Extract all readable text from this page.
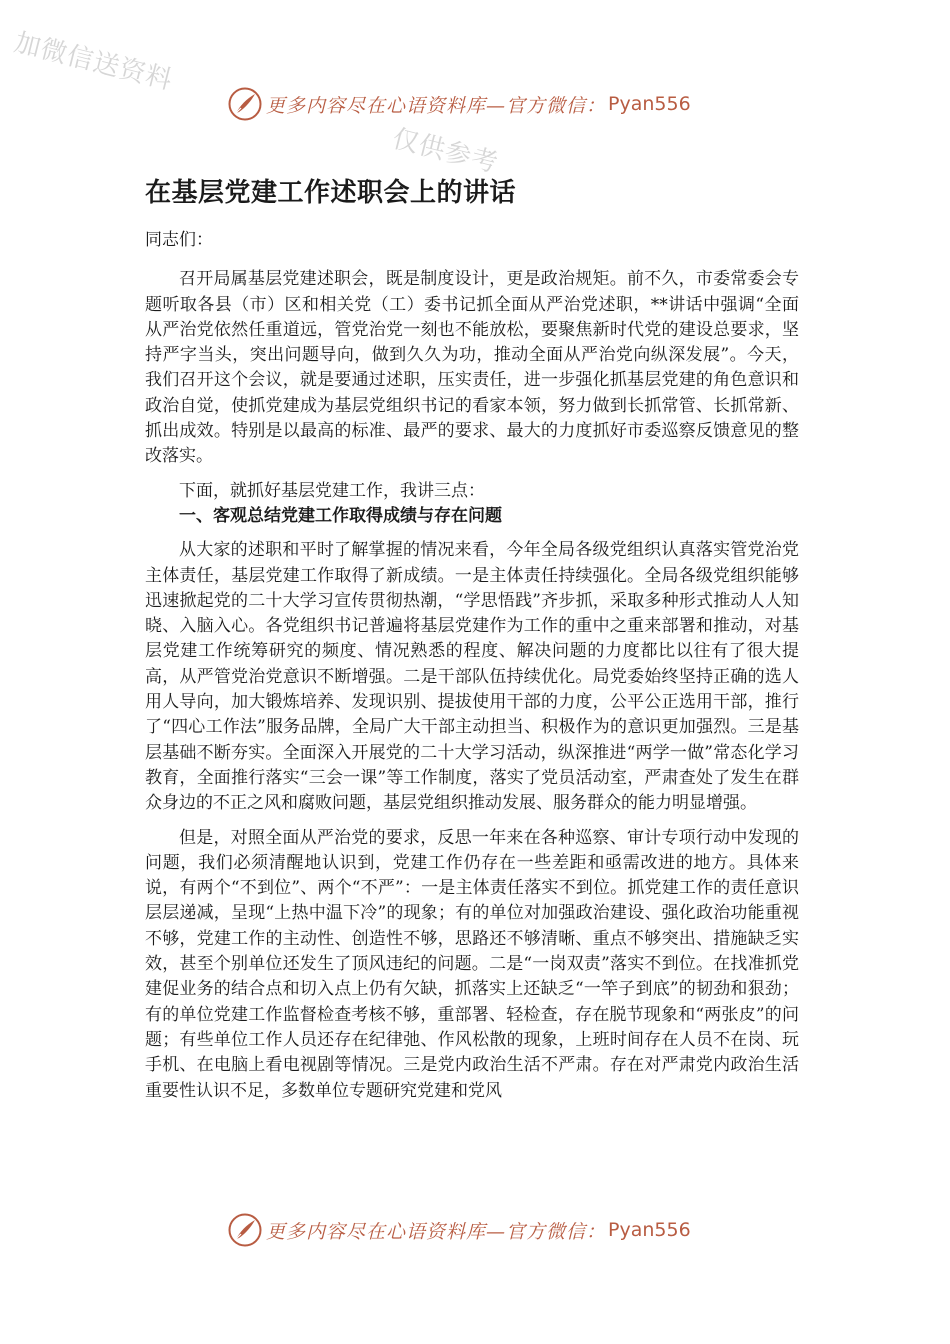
加微信送资料
仅供参考
更多内容尽在心语资料库—官方微信： Pyan556
在基层党建工作述职会上的讲话

同志们：

召开局属基层党建述职会，既是制度设计，更是政治规矩。前不久，市委常委会专题听取各县（市）区和相关党（工）委书记抓全面从严治党述职，**讲话中强调“全面从严治党依然任重道远，管党治党一刻也不能放松，要聚焦新时代党的建设总要求，坚持严字当头，突出问题导向，做到久久为功，推动全面从严治党向纵深发展”。今天，我们召开这个会议，就是要通过述职，压实责任，进一步强化抓基层党建的角色意识和政治自觉，使抓党建成为基层党组织书记的看家本领，努力做到长抓常管、长抓常新、抓出成效。特别是以最高的标准、最严的要求、最大的力度抓好市委巡察反馈意见的整改落实。

下面，就抓好基层党建工作，我讲三点：

一、客观总结党建工作取得成绩与存在问题

从大家的述职和平时了解掌握的情况来看，今年全局各级党组织认真落实管党治党主体责任，基层党建工作取得了新成绩。一是主体责任持续强化。全局各级党组织能够迅速掀起党的二十大学习宣传贯彻热潮，“学思悟践”齐步抓，采取多种形式推动人人知晓、入脑入心。各党组织书记普遍将基层党建作为工作的重中之重来部署和推动，对基层党建工作统筹研究的频度、情况熟悉的程度、解决问题的力度都比以往有了很大提高，从严管党治党意识不断增强。二是干部队伍持续优化。局党委始终坚持正确的选人用人导向，加大锻炼培养、发现识别、提拔使用干部的力度，公平公正选用干部，推行了“四心工作法”服务品牌，全局广大干部主动担当、积极作为的意识更加强烈。三是基层基础不断夯实。全面深入开展党的二十大学习活动，纵深推进“两学一做”常态化学习教育，全面推行落实“三会一课”等工作制度，落实了党员活动室，严肃查处了发生在群众身边的不正之风和腐败问题，基层党组织推动发展、服务群众的能力明显增强。

但是，对照全面从严治党的要求，反思一年来在各种巡察、审计专项行动中发现的问题，我们必须清醒地认识到，党建工作仍存在一些差距和亟需改进的地方。具体来说，有两个“不到位”、两个“不严”：一是主体责任落实不到位。抓党建工作的责任意识层层递减，呈现“上热中温下冷”的现象；有的单位对加强政治建设、强化政治功能重视不够，党建工作的主动性、创造性不够，思路还不够清晰、重点不够突出、措施缺乏实效，甚至个别单位还发生了顶风违纪的问题。二是“一岗双责”落实不到位。在找准抓党建促业务的结合点和切入点上仍有欠缺，抓落实上还缺乏“一竿子到底”的韧劲和狠劲；有的单位党建工作监督检查考核不够，重部署、轻检查，存在脱节现象和“两张皮”的问题；有些单位工作人员还存在纪律弛、作风松散的现象，上班时间存在人员不在岗、玩手机、在电脑上看电视剧等情况。三是党内政治生活不严肃。存在对严肃党内政治生活重要性认识不足，多数单位专题研究党建和党风

更多内容尽在心语资料库—官方微信： Pyan556
